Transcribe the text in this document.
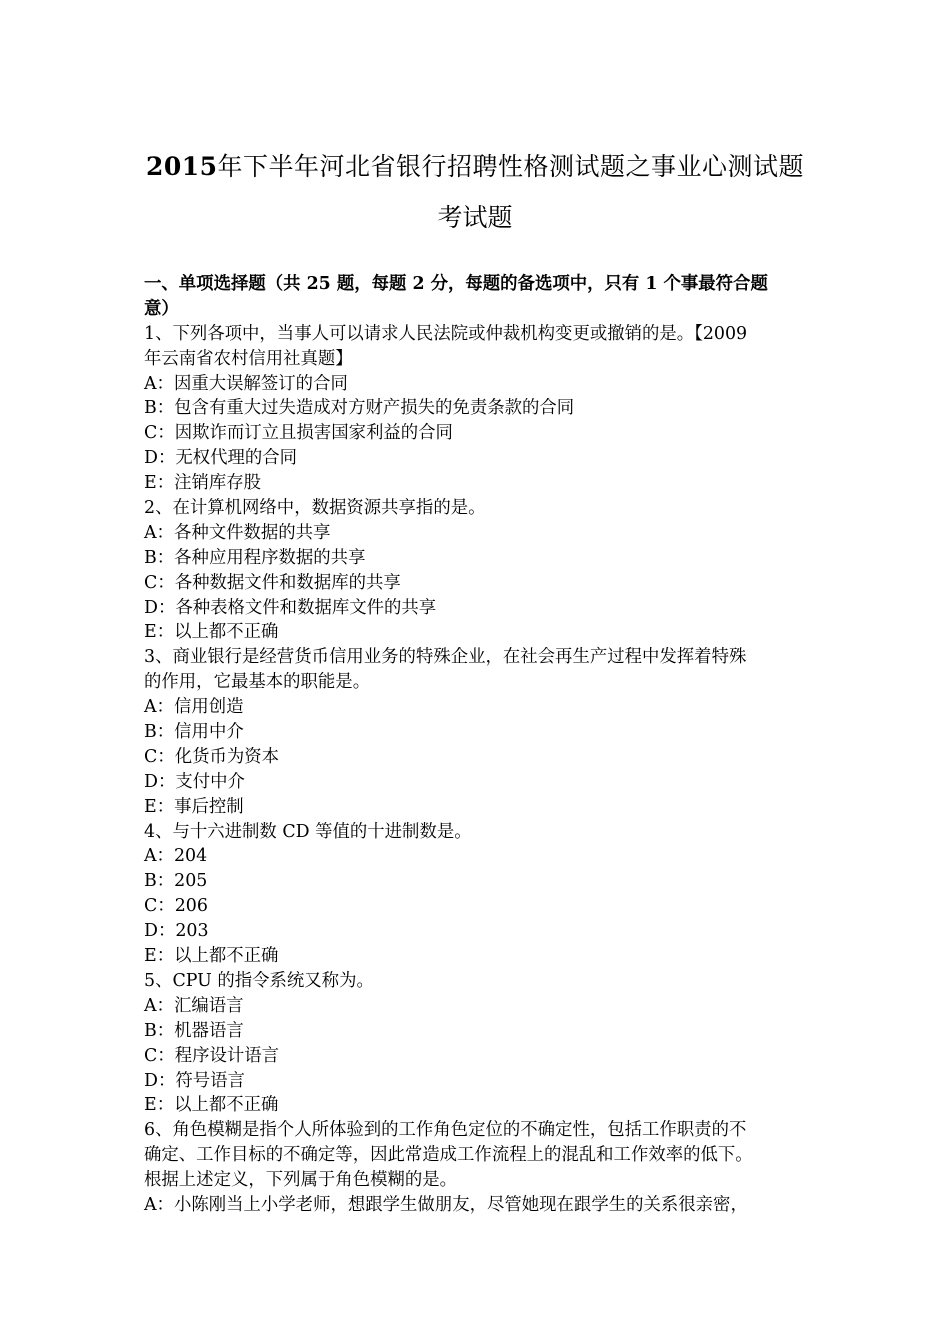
2015年下半年河北省银行招聘性格测试题之事业心测试题
考试题
一、单项选择题（共 25 题，每题 2 分，每题的备选项中，只有 1 个事最符合题
意）
1、下列各项中，当事人可以请求人民法院或仲裁机构变更或撤销的是。【2009
年云南省农村信用社真题】
A：因重大误解签订的合同
B：包含有重大过失造成对方财产损失的免责条款的合同
C：因欺诈而订立且损害国家利益的合同
D：无权代理的合同
E：注销库存股
2、在计算机网络中，数据资源共享指的是。
A：各种文件数据的共享
B：各种应用程序数据的共享
C：各种数据文件和数据库的共享
D：各种表格文件和数据库文件的共享
E：以上都不正确
3、商业银行是经营货币信用业务的特殊企业，在社会再生产过程中发挥着特殊
的作用，它最基本的职能是。
A：信用创造
B：信用中介
C：化货币为资本
D：支付中介
E：事后控制
4、与十六进制数 CD 等值的十进制数是。
A：204
B：205
C：206
D：203
E：以上都不正确
5、CPU 的指令系统又称为。
A：汇编语言
B：机器语言
C：程序设计语言
D：符号语言
E：以上都不正确
6、角色模糊是指个人所体验到的工作角色定位的不确定性，包括工作职责的不
确定、工作目标的不确定等，因此常造成工作流程上的混乱和工作效率的低下。
根据上述定义，下列属于角色模糊的是。
A：小陈刚当上小学老师，想跟学生做朋友，尽管她现在跟学生的关系很亲密，
